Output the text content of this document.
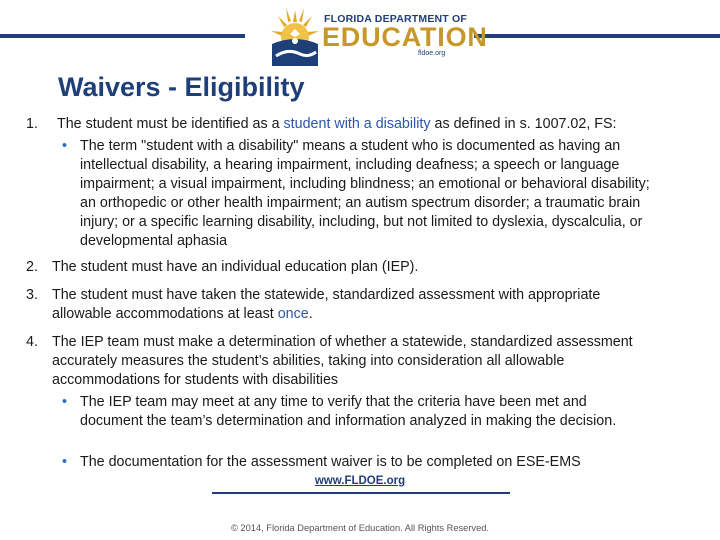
FLORIDA DEPARTMENT OF
EDUCATION
fldoe.org
Waivers - Eligibility
1. The student must be identified as a student with a disability as defined in s. 1007.02, FS:

• The term "student with a disability" means a student who is documented as having an intellectual disability, a hearing impairment, including deafness; a speech or language impairment; a visual impairment, including blindness; an emotional or behavioral disability; an orthopedic or other health impairment; an autism spectrum disorder; a traumatic brain injury; or a specific learning disability, including, but not limited to dyslexia, dyscalculia, or developmental aphasia

2. The student must have an individual education plan (IEP).

3. The student must have taken the statewide, standardized assessment with appropriate allowable accommodations at least once.

4. The IEP team must make a determination of whether a statewide, standardized assessment accurately measures the student’s abilities, taking into consideration all allowable accommodations for students with disabilities

• The IEP team may meet at any time to verify that the criteria have been met and document the team’s determination and information analyzed in making the decision.

• The documentation for the assessment waiver is to be completed on ESE-EMS

www.FLDOE.org
© 2014, Florida Department of Education. All Rights Reserved.
